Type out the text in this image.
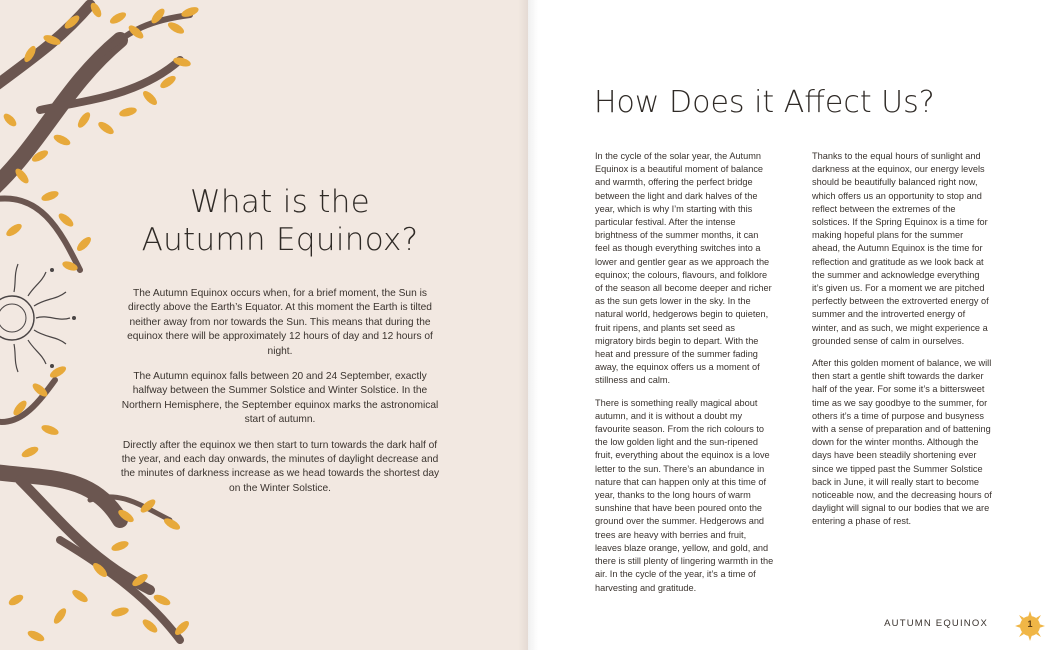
What is the
Autumn Equinox?

The Autumn Equinox occurs when, for a brief moment, the Sun is directly above the Earth’s Equator. At this moment the Earth is tilted neither away from nor towards the Sun. This means that during the equinox there will be approximately 12 hours of day and 12 hours of night.

The Autumn equinox falls between 20 and 24 September, exactly halfway between the Summer Solstice and Winter Solstice. In the Northern Hemisphere, the September equinox marks the astronomical start of autumn.

Directly after the equinox we then start to turn towards the dark half of the year, and each day onwards, the minutes of daylight decrease and the minutes of darkness increase as we head towards the shortest day on the Winter Solstice.

How Does it Affect Us?

In the cycle of the solar year, the Autumn Equinox is a beautiful moment of balance and warmth, offering the perfect bridge between the light and dark halves of the year, which is why I’m starting with this particular festival. After the intense brightness of the summer months, it can feel as though everything switches into a lower and gentler gear as we approach the equinox; the colours, flavours, and folklore of the season all become deeper and richer as the sun gets lower in the sky. In the natural world, hedgerows begin to quieten, fruit ripens, and plants set seed as migratory birds begin to depart. With the heat and pressure of the summer fading away, the equinox offers us a moment of stillness and calm.

There is something really magical about autumn, and it is without a doubt my favourite season. From the rich colours to the low golden light and the sun-ripened fruit, everything about the equinox is a love letter to the sun. There’s an abundance in nature that can happen only at this time of year, thanks to the long hours of warm sunshine that have been poured onto the ground over the summer. Hedgerows and trees are heavy with berries and fruit, leaves blaze orange, yellow, and gold, and there is still plenty of lingering warmth in the air. In the cycle of the year, it’s a time of harvesting and gratitude.

Thanks to the equal hours of sunlight and darkness at the equinox, our energy levels should be beautifully balanced right now, which offers us an opportunity to stop and reflect between the extremes of the solstices. If the Spring Equinox is a time for making hopeful plans for the summer ahead, the Autumn Equinox is the time for reflection and gratitude as we look back at the summer and acknowledge everything it’s given us. For a moment we are pitched perfectly between the extroverted energy of summer and the introverted energy of winter, and as such, we might experience a grounded sense of calm in ourselves.

After this golden moment of balance, we will then start a gentle shift towards the darker half of the year. For some it’s a bittersweet time as we say goodbye to the summer, for others it’s a time of purpose and busyness with a sense of preparation and of battening down for the winter months. Although the days have been steadily shortening ever since we tipped past the Summer Solstice back in June, it will really start to become noticeable now, and the decreasing hours of daylight will signal to our bodies that we are entering a phase of rest.

AUTUMN EQUINOX	1
